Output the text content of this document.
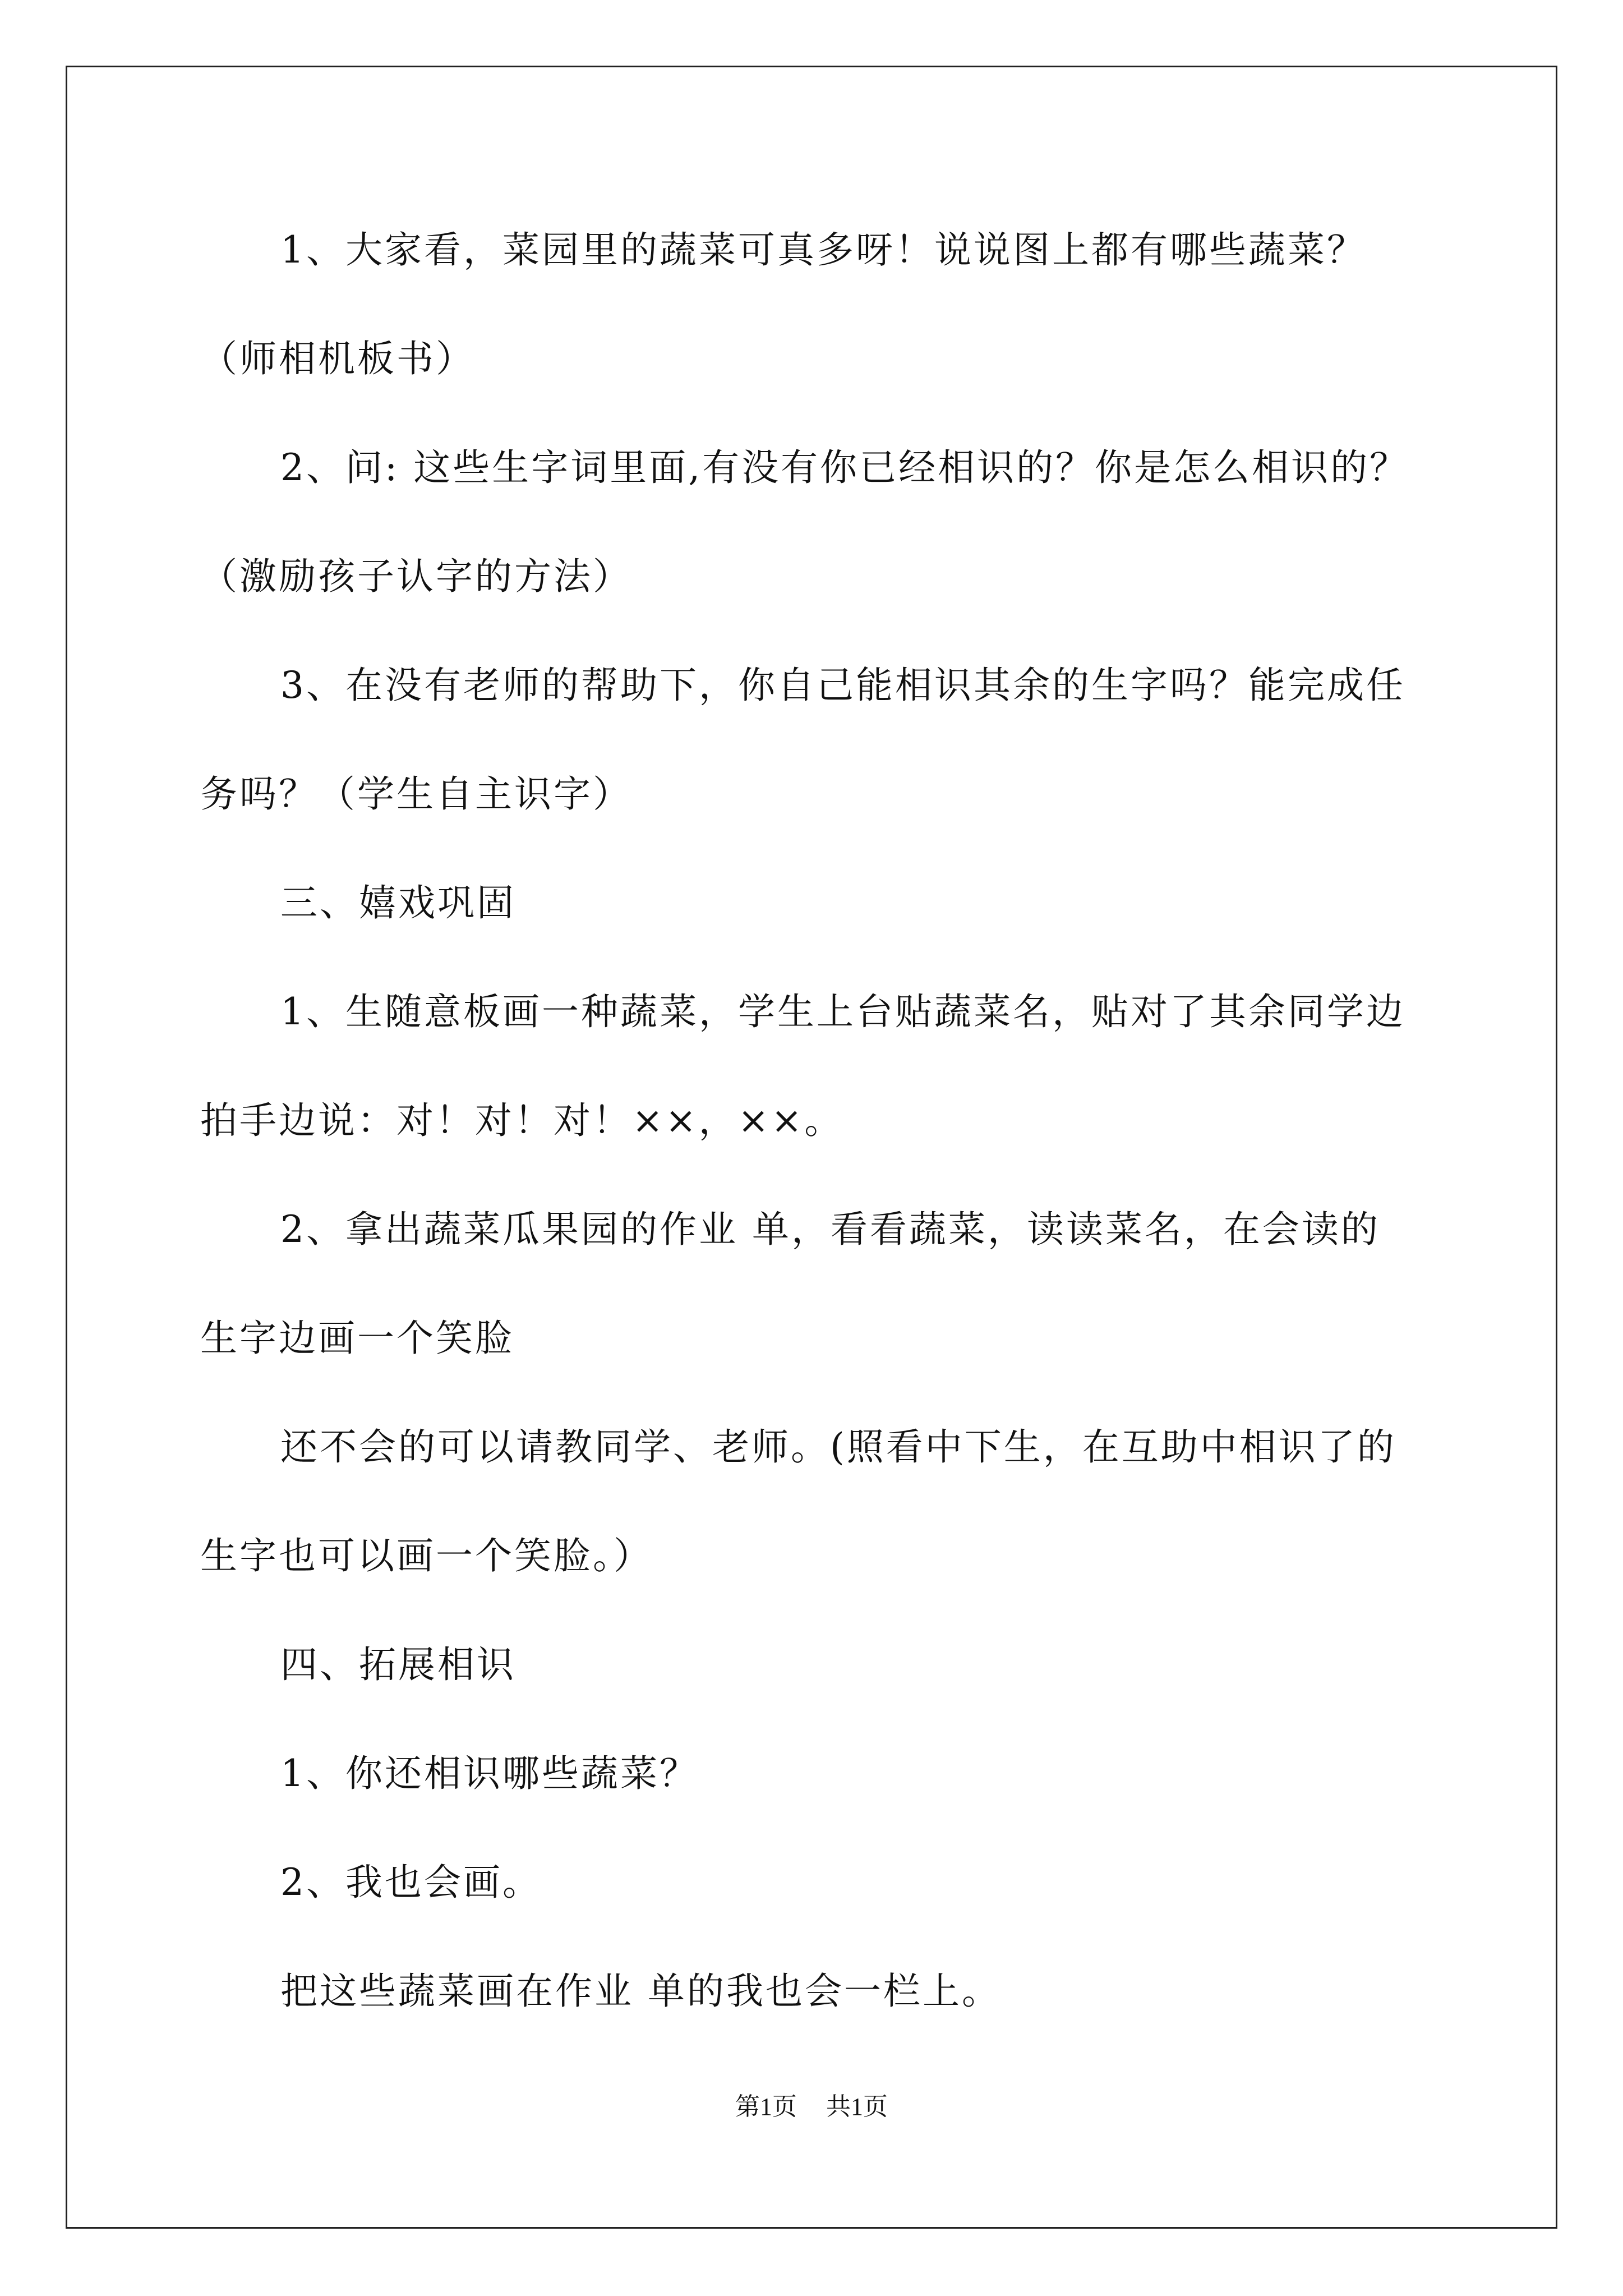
1、大家看，菜园里的蔬菜可真多呀！说说图上都有哪些蔬菜？
（师相机板书）
2、问: 这些生字词里面,有没有你已经相识的？你是怎么相识的？
（激励孩子认字的方法）
3、在没有老师的帮助下，你自己能相识其余的生字吗？能完成任
务吗？（学生自主识字）
三、嬉戏巩固
1、生随意板画一种蔬菜，学生上台贴蔬菜名，贴对了其余同学边
拍手边说：对！对！对！××，××。
2、拿出蔬菜瓜果园的作业 单，看看蔬菜，读读菜名，在会读的
生字边画一个笑脸
还不会的可以请教同学、老师。(照看中下生，在互助中相识了的
生字也可以画一个笑脸。）
四、拓展相识
1、你还相识哪些蔬菜？
2、我也会画。
把这些蔬菜画在作业 单的我也会一栏上。
第1页 共1页
